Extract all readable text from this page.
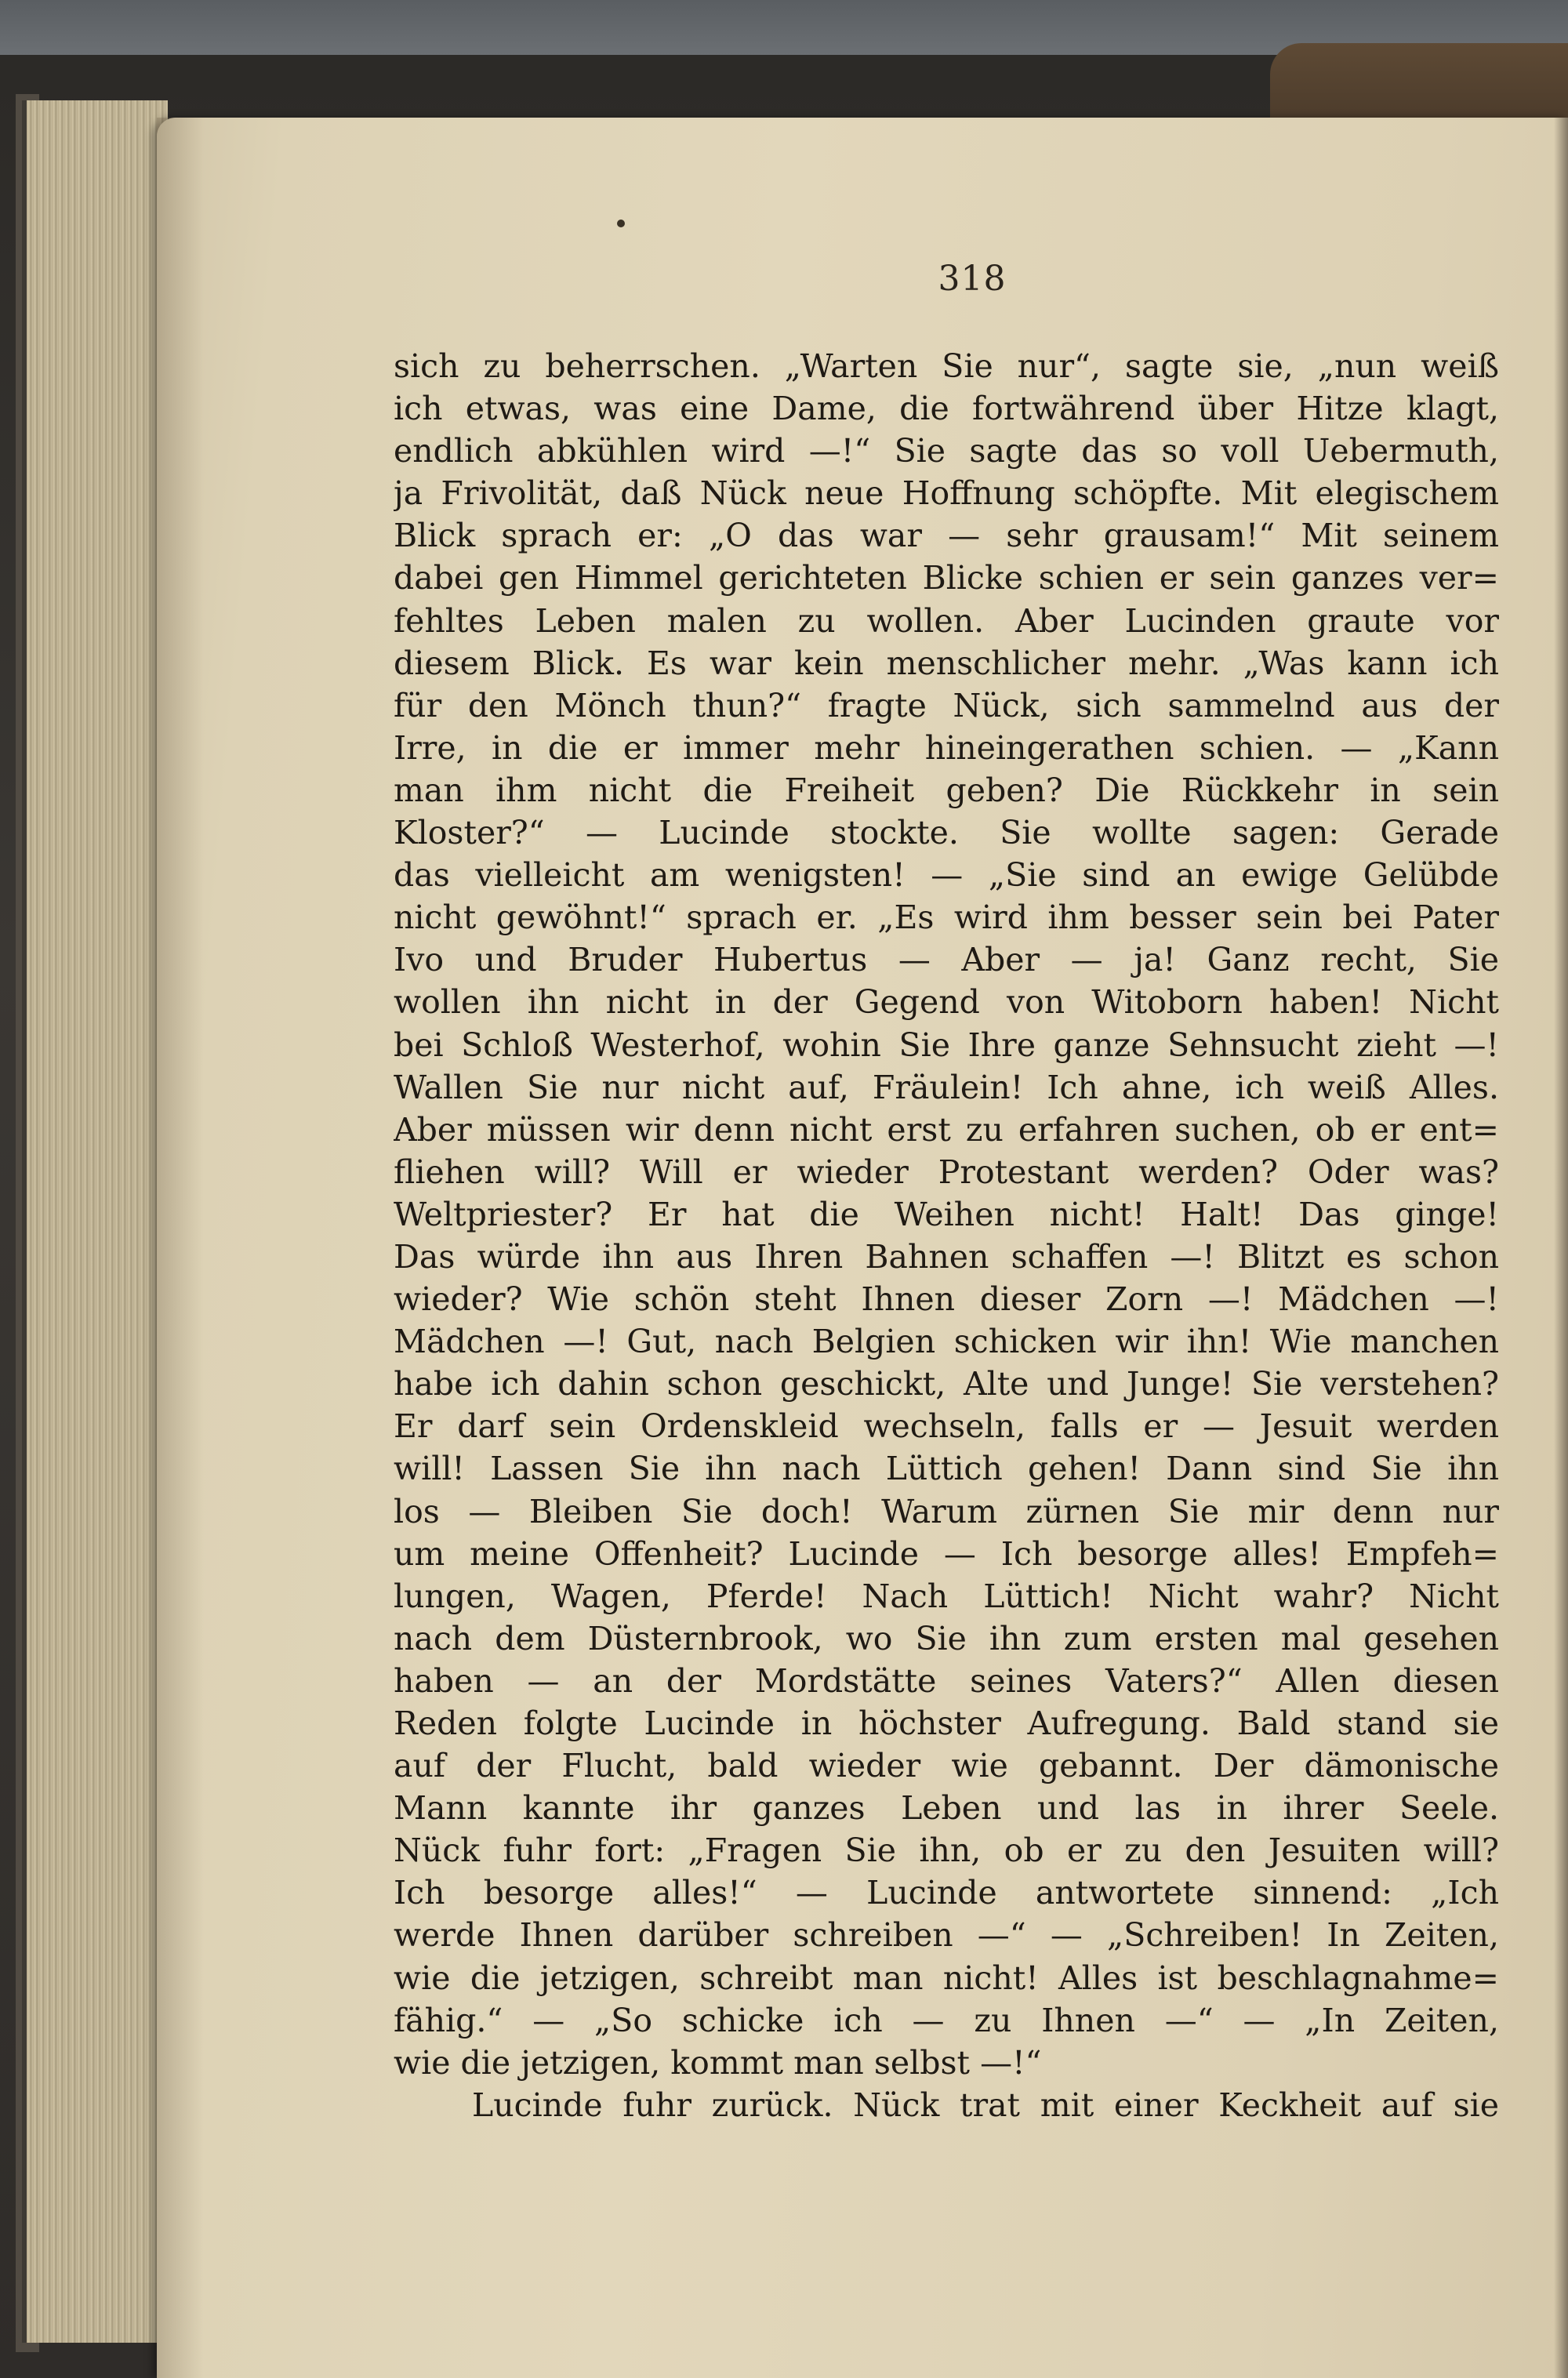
318
sich zu beherrschen. „Warten Sie nur“, sagte sie, „nun weiß
ich etwas, was eine Dame, die fortwährend über Hitze klagt,
endlich abkühlen wird —!“ Sie sagte das so voll Uebermuth,
ja Frivolität, daß Nück neue Hoffnung schöpfte. Mit elegischem
Blick sprach er: „O das war — sehr grausam!“ Mit seinem
dabei gen Himmel gerichteten Blicke schien er sein ganzes ver=
fehltes Leben malen zu wollen. Aber Lucinden graute vor
diesem Blick. Es war kein menschlicher mehr. „Was kann ich
für den Mönch thun?“ fragte Nück, sich sammelnd aus der
Irre, in die er immer mehr hineingerathen schien. — „Kann
man ihm nicht die Freiheit geben? Die Rückkehr in sein
Kloster?“ — Lucinde stockte. Sie wollte sagen: Gerade
das vielleicht am wenigsten! — „Sie sind an ewige Gelübde
nicht gewöhnt!“ sprach er. „Es wird ihm besser sein bei Pater
Ivo und Bruder Hubertus — Aber — ja! Ganz recht, Sie
wollen ihn nicht in der Gegend von Witoborn haben! Nicht
bei Schloß Westerhof, wohin Sie Ihre ganze Sehnsucht zieht —!
Wallen Sie nur nicht auf, Fräulein! Ich ahne, ich weiß Alles.
Aber müssen wir denn nicht erst zu erfahren suchen, ob er ent=
fliehen will? Will er wieder Protestant werden? Oder was?
Weltpriester? Er hat die Weihen nicht! Halt! Das ginge!
Das würde ihn aus Ihren Bahnen schaffen —! Blitzt es schon
wieder? Wie schön steht Ihnen dieser Zorn —! Mädchen —!
Mädchen —! Gut, nach Belgien schicken wir ihn! Wie manchen
habe ich dahin schon geschickt, Alte und Junge! Sie verstehen?
Er darf sein Ordenskleid wechseln, falls er — Jesuit werden
will! Lassen Sie ihn nach Lüttich gehen! Dann sind Sie ihn
los — Bleiben Sie doch! Warum zürnen Sie mir denn nur
um meine Offenheit? Lucinde — Ich besorge alles! Empfeh=
lungen, Wagen, Pferde! Nach Lüttich! Nicht wahr? Nicht
nach dem Düsternbrook, wo Sie ihn zum ersten mal gesehen
haben — an der Mordstätte seines Vaters?“ Allen diesen
Reden folgte Lucinde in höchster Aufregung. Bald stand sie
auf der Flucht, bald wieder wie gebannt. Der dämonische
Mann kannte ihr ganzes Leben und las in ihrer Seele.
Nück fuhr fort: „Fragen Sie ihn, ob er zu den Jesuiten will?
Ich besorge alles!“ — Lucinde antwortete sinnend: „Ich
werde Ihnen darüber schreiben —“ — „Schreiben! In Zeiten,
wie die jetzigen, schreibt man nicht! Alles ist beschlagnahme=
fähig.“ — „So schicke ich — zu Ihnen —“ — „In Zeiten,
wie die jetzigen, kommt man selbst —!“
Lucinde fuhr zurück. Nück trat mit einer Keckheit auf sie
